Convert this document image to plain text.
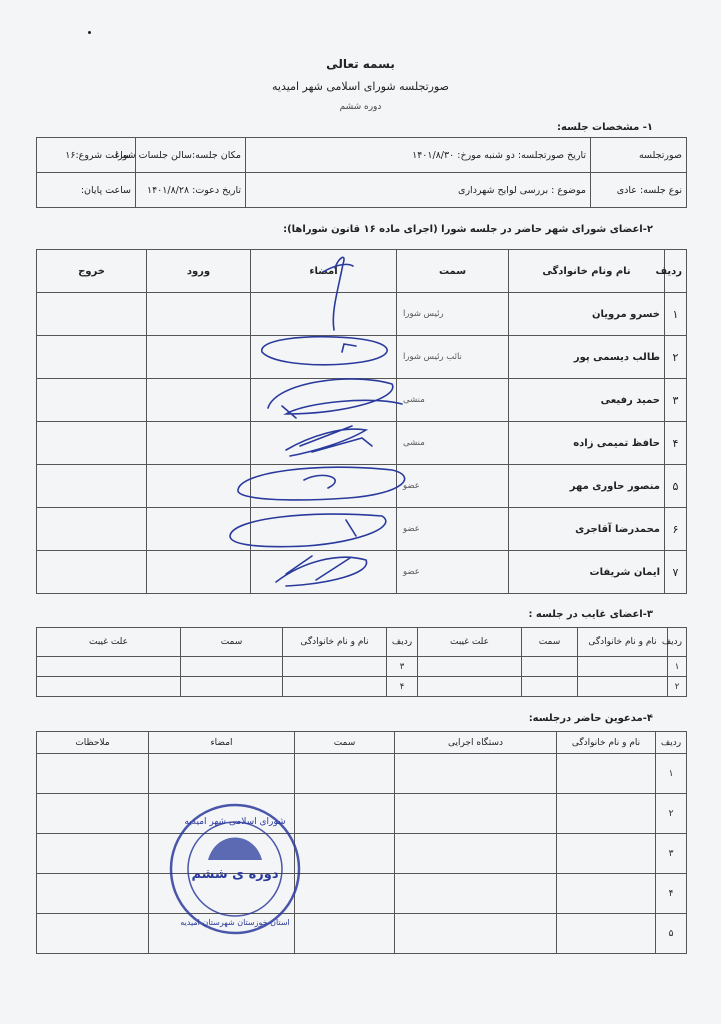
بسمه تعالی
صورتجلسه شورای اسلامی شهر امیدیه
دوره ششم
۱- مشخصات جلسه:
صورتجلسه	تاریخ صورتجلسه: دو شنبه مورخ: ۱۴۰۱/۸/۳۰	مکان جلسه:سالن جلسات شورا	ساعت شروع:۱۶
نوع جلسه: عادی	موضوع : بررسی لوایح شهرداری	تاریخ دعوت: ۱۴۰۱/۸/۲۸	ساعت پایان:
۲-اعضای شورای شهر حاضر در جلسه شورا (اجرای ماده ۱۶ قانون شوراها):
ردیف	نام ونام خانوادگی	سمت	امضاء	ورود	خروج
۱	خسرو مرویان	رئیس شورا			
۲	طالب دیسمی پور	نائب رئیس شورا			
۳	حمید رفیعی	منشی			
۴	حافظ تمیمی زاده	منشی			
۵	منصور حاوری مهر	عضو			
۶	محمدرضا آقاجری	عضو			
۷	ایمان شریفات	عضو			
۳-اعضای غایب در جلسه :
ردیف	نام و نام خانوادگی	سمت	علت غیبت	ردیف	نام و نام خانوادگی	سمت	علت غیبت
۱				۳			
۲				۴			
۴-مدعوین حاضر درجلسه:
ردیف	نام و نام خانوادگی	دستگاه اجرایی	سمت	امضاء	ملاحظات
۱					
۲					
۳					
۴					
۵					
دوره ی ششم
شورای اسلامی شهر امیدیه
استان خوزستان شهرستان امیدیه
